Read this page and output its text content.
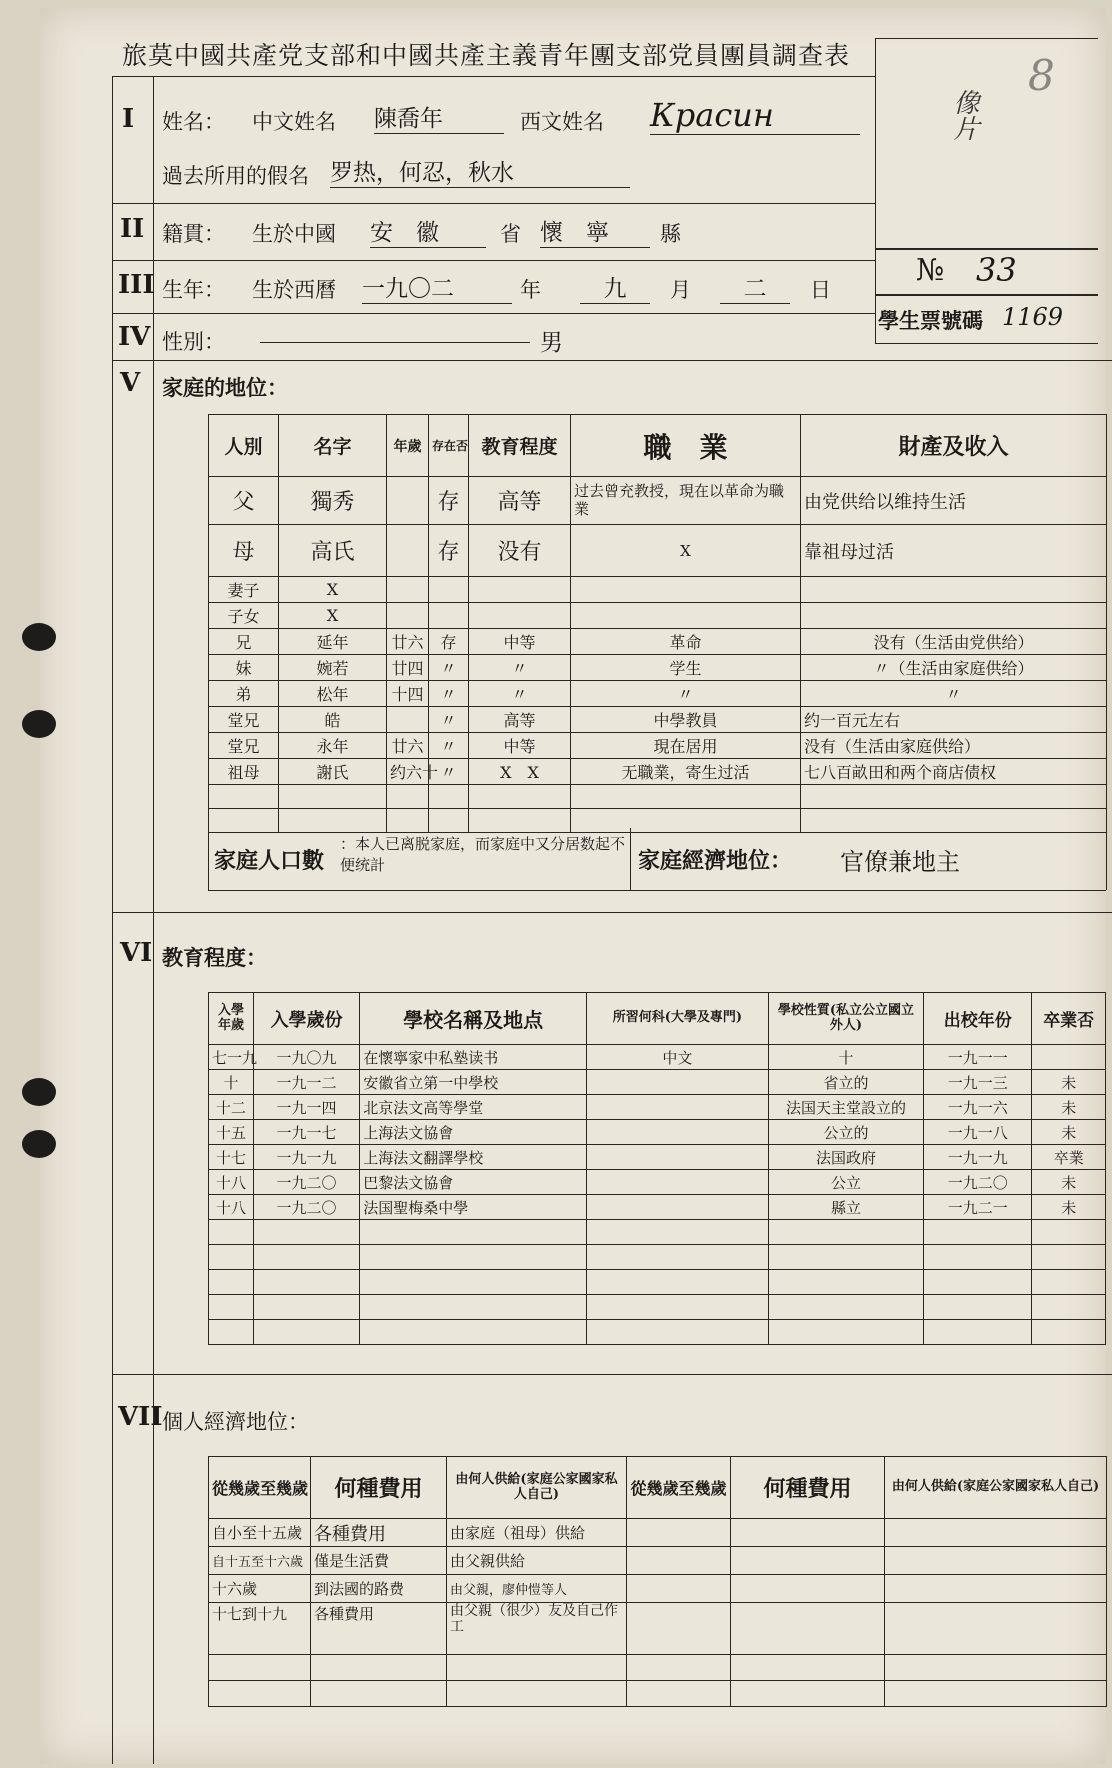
旅莫中國共產党支部和中國共產主義青年團支部党員團員調查表
像片
8
№ 33
學生票號碼 1169
I 姓名： 中文姓名 陳喬年	西文姓名 Красин
過去所用的假名 罗热，何忍，秋水
II 籍貫： 生於中國 安　徽	省 懷　寧	縣
III 生年： 生於西曆 一九〇二	年	九	月	二	日
IV 性別：	男
V 家庭的地位：
人別	名字	年歲	存在否	教育程度	職　業	財產及收入
父	獨秀		存	高等	过去曾充教授，現在以革命为職業	由党供给以维持生活
母	高氏		存	没有	X	靠祖母过活
妻子	X					
子女	X					
兄	延年	廿六	存	中等	革命	没有（生活由党供给）
妹	婉若	廿四	〃	〃	学生	〃（生活由家庭供给）
弟	松年	十四	〃	〃	〃	〃
堂兄	皓		〃	高等	中學教員	约一百元左右
堂兄	永年	廿六	〃	中等	現在居用	没有（生活由家庭供给）
祖母	謝氏	约六十	〃	X　X	无職業，寄生过活	七八百畝田和两个商店债权

家庭人口數
：本人已离脱家庭，而家庭中又分居数起不便统計	家庭經濟地位： 官僚兼地主
VI 教育程度：
入學年歲	入學歲份	學校名稱及地点	所習何科(大學及專門)	學校性質(私立公立國立外人)	出校年份	卒業否
七一九	一九〇九	在懷寧家中私塾读书	中文	十	一九一一	
十	一九一二	安徽省立第一中學校		省立的	一九一三	未
十二	一九一四	北京法文高等學堂		法国天主堂設立的	一九一六	未
十五	一九一七	上海法文協會		公立的	一九一八	未
十七	一九一九	上海法文翻譯學校		法国政府	一九一九	卒業
十八	一九二〇	巴黎法文協會		公立	一九二〇	未
十八	一九二〇	法国聖梅桑中學		縣立	一九二一	未

VII 個人經濟地位：
從幾歲至幾歲	何種費用	由何人供給(家庭公家國家私人自己)	從幾歲至幾歲	何種費用	由何人供給(家庭公家國家私人自己)
自小至十五歲	各種費用	由家庭（祖母）供給			
自十五至十六歲	僅是生活費	由父親供給			
十六歲	到法國的路费	由父親，廖仲愷等人			
十七到十九	各種費用	由父親（很少）友及自己作工			
